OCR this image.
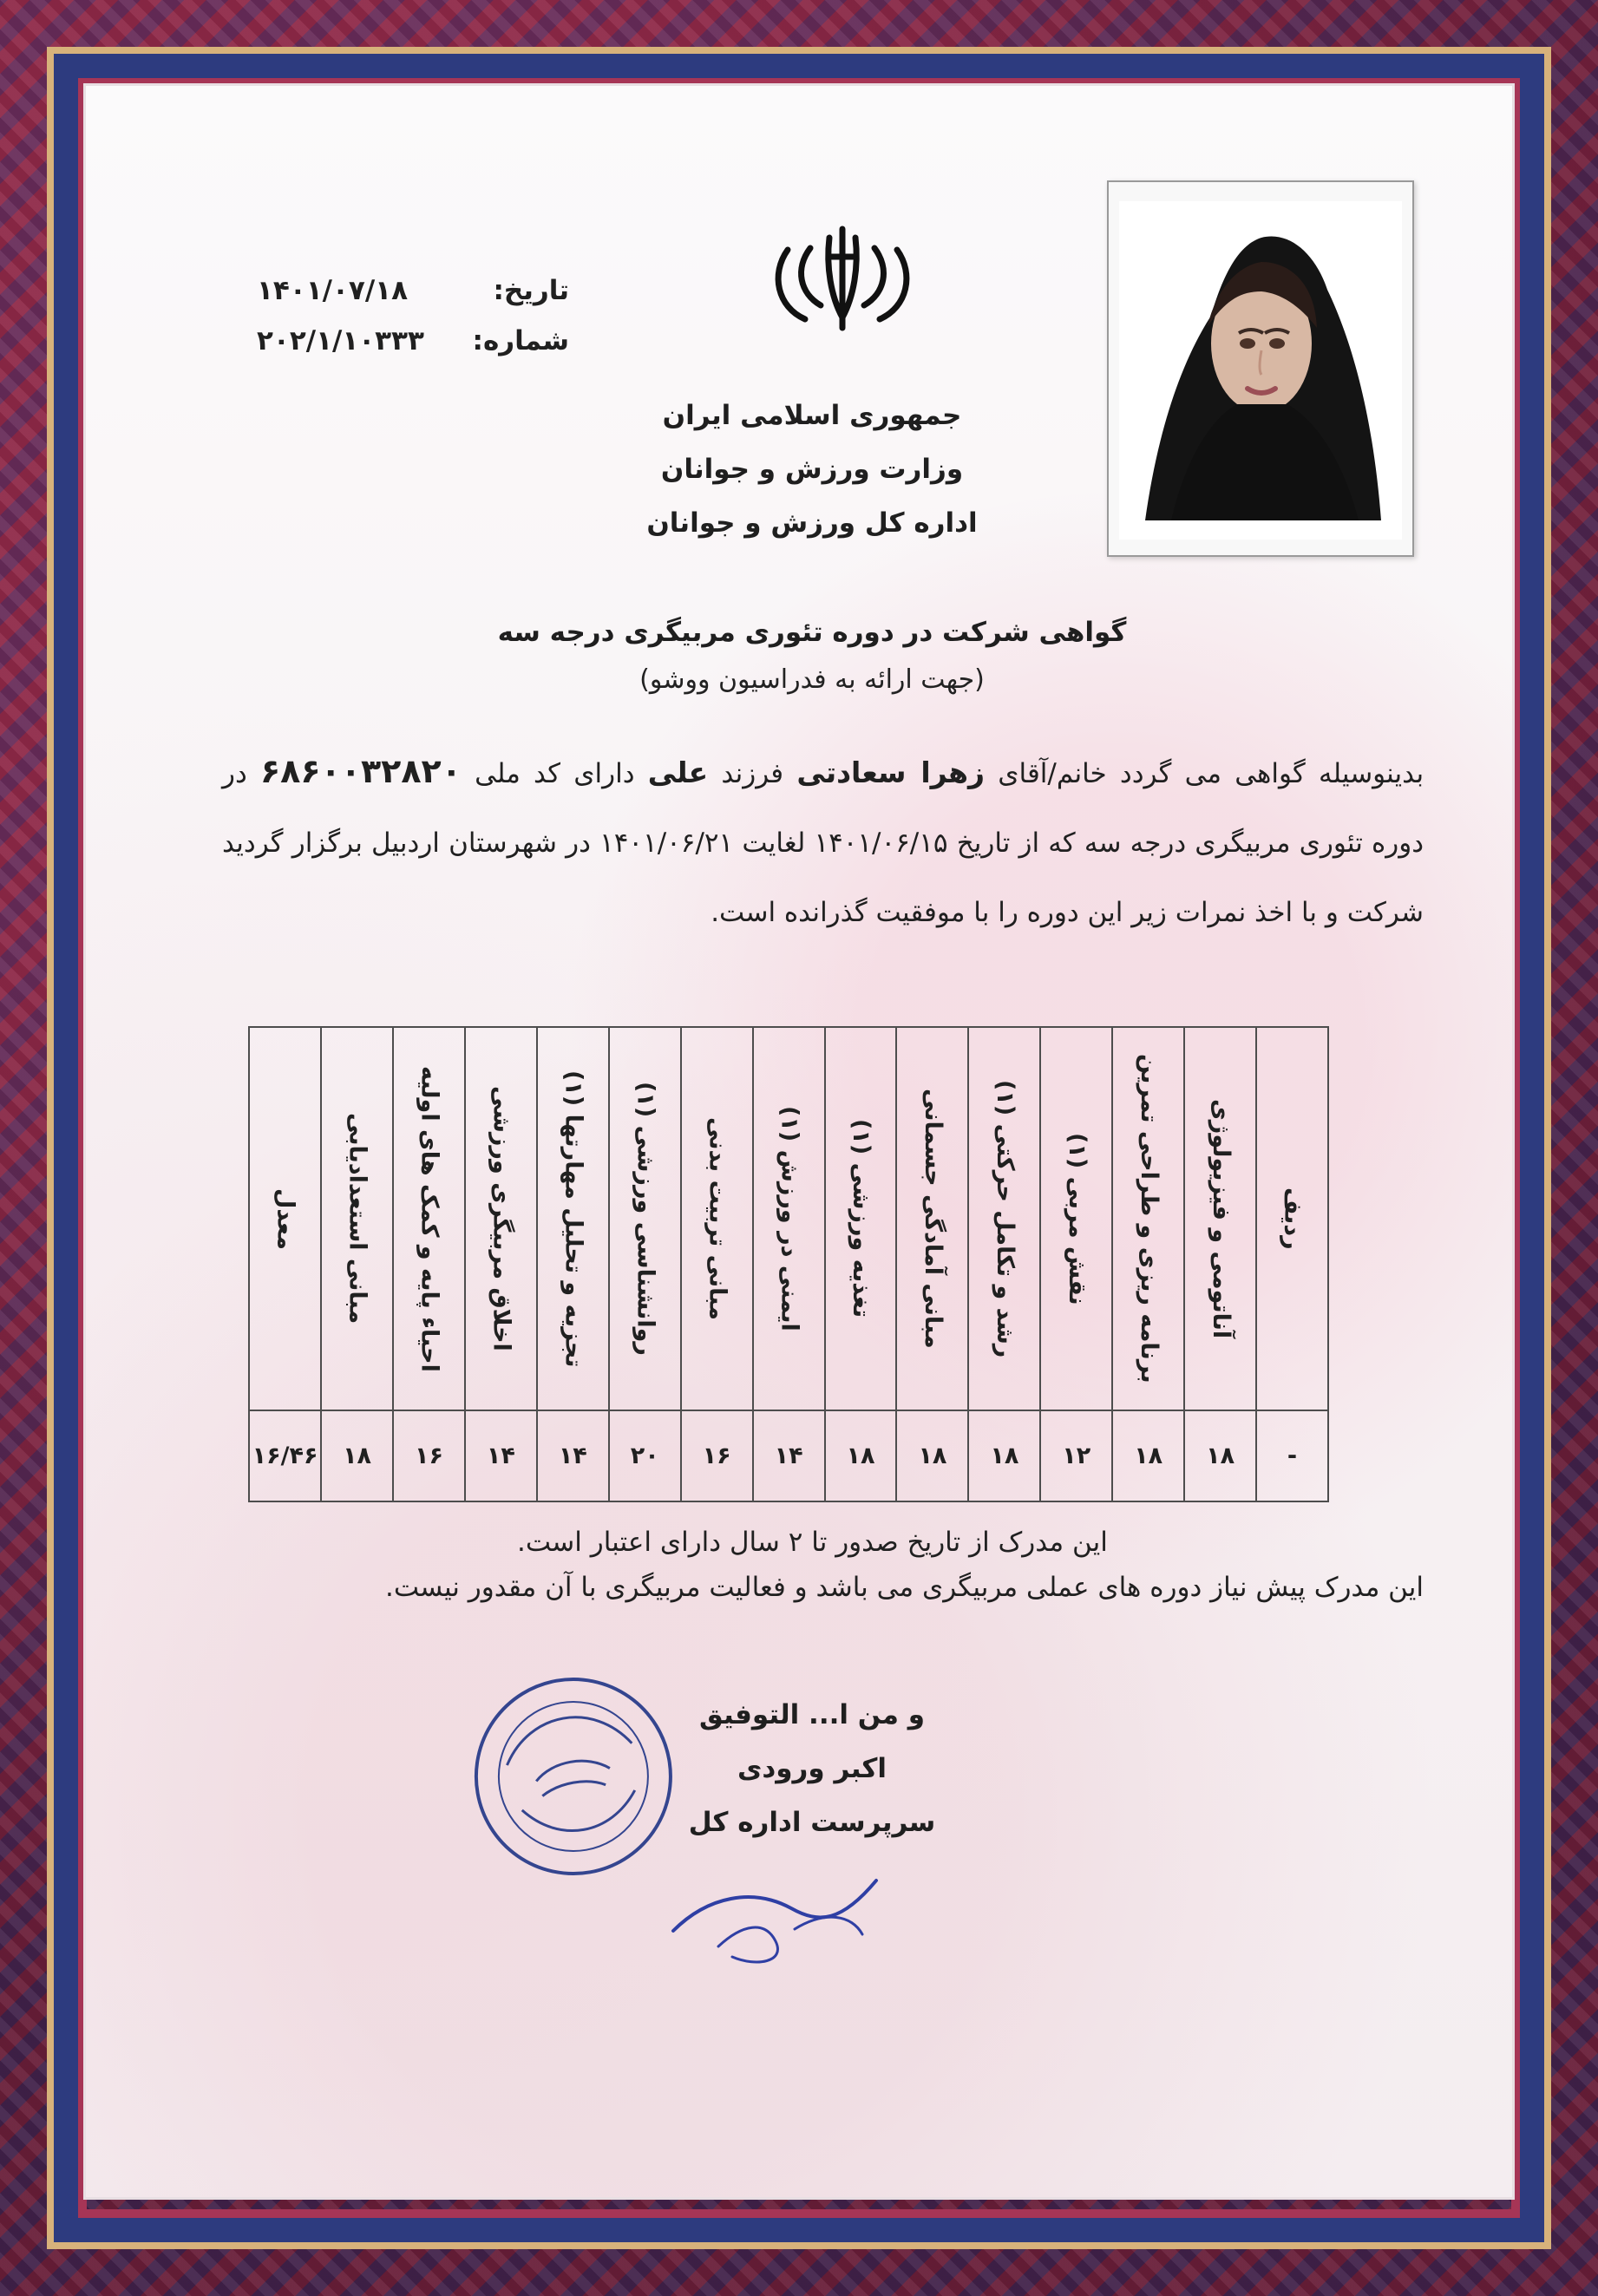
تاریخ:
۱۴۰۱/۰۷/۱۸
شماره:
۲۰۲/۱/۱۰۳۳۳
جمهوری اسلامی ایران
وزارت ورزش و جوانان
اداره کل ورزش و جوانان
گواهی شرکت در دوره تئوری مربیگری درجه سه
(جهت ارائه به فدراسیون ووشو)
بدینوسیله گواهی می گردد خانم/آقای زهرا سعادتی فرزند علی دارای کد ملی ۶۸۶۰۰۳۲۸۲۰ در دوره تئوری مربیگری درجه سه که از تاریخ ۱۴۰۱/۰۶/۱۵ لغایت ۱۴۰۱/۰۶/۲۱ در شهرستان اردبیل برگزار گردید شرکت و با اخذ نمرات زیر این دوره را با موفقیت گذرانده است.
ردیف	آناتومی و فیزیولوژی	برنامه ریزی و طراحی تمرین	نقش مربی (۱)	رشد و تکامل حرکتی (۱)	مبانی آمادگی جسمانی	تغذیه ورزشی (۱)	ایمنی در ورزش (۱)	مبانی تربیت بدنی	روانشناسی ورزشی (۱)	تجزیه و تحلیل مهارتها (۱)	اخلاق مربیگری ورزشی	احیاء پایه و کمک های اولیه	مبانی استعدادیابی	معدل

-	۱۸	۱۸	۱۲	۱۸	۱۸	۱۸	۱۴	۱۶	۲۰	۱۴	۱۴	۱۶	۱۸	۱۶/۴۶
این مدرک از تاریخ صدور تا ۲ سال دارای اعتبار است.
این مدرک پیش نیاز دوره های عملی مربیگری می باشد و فعالیت مربیگری با آن مقدور نیست.
و من ا... التوفیق
اکبر ورودی
سرپرست اداره کل
